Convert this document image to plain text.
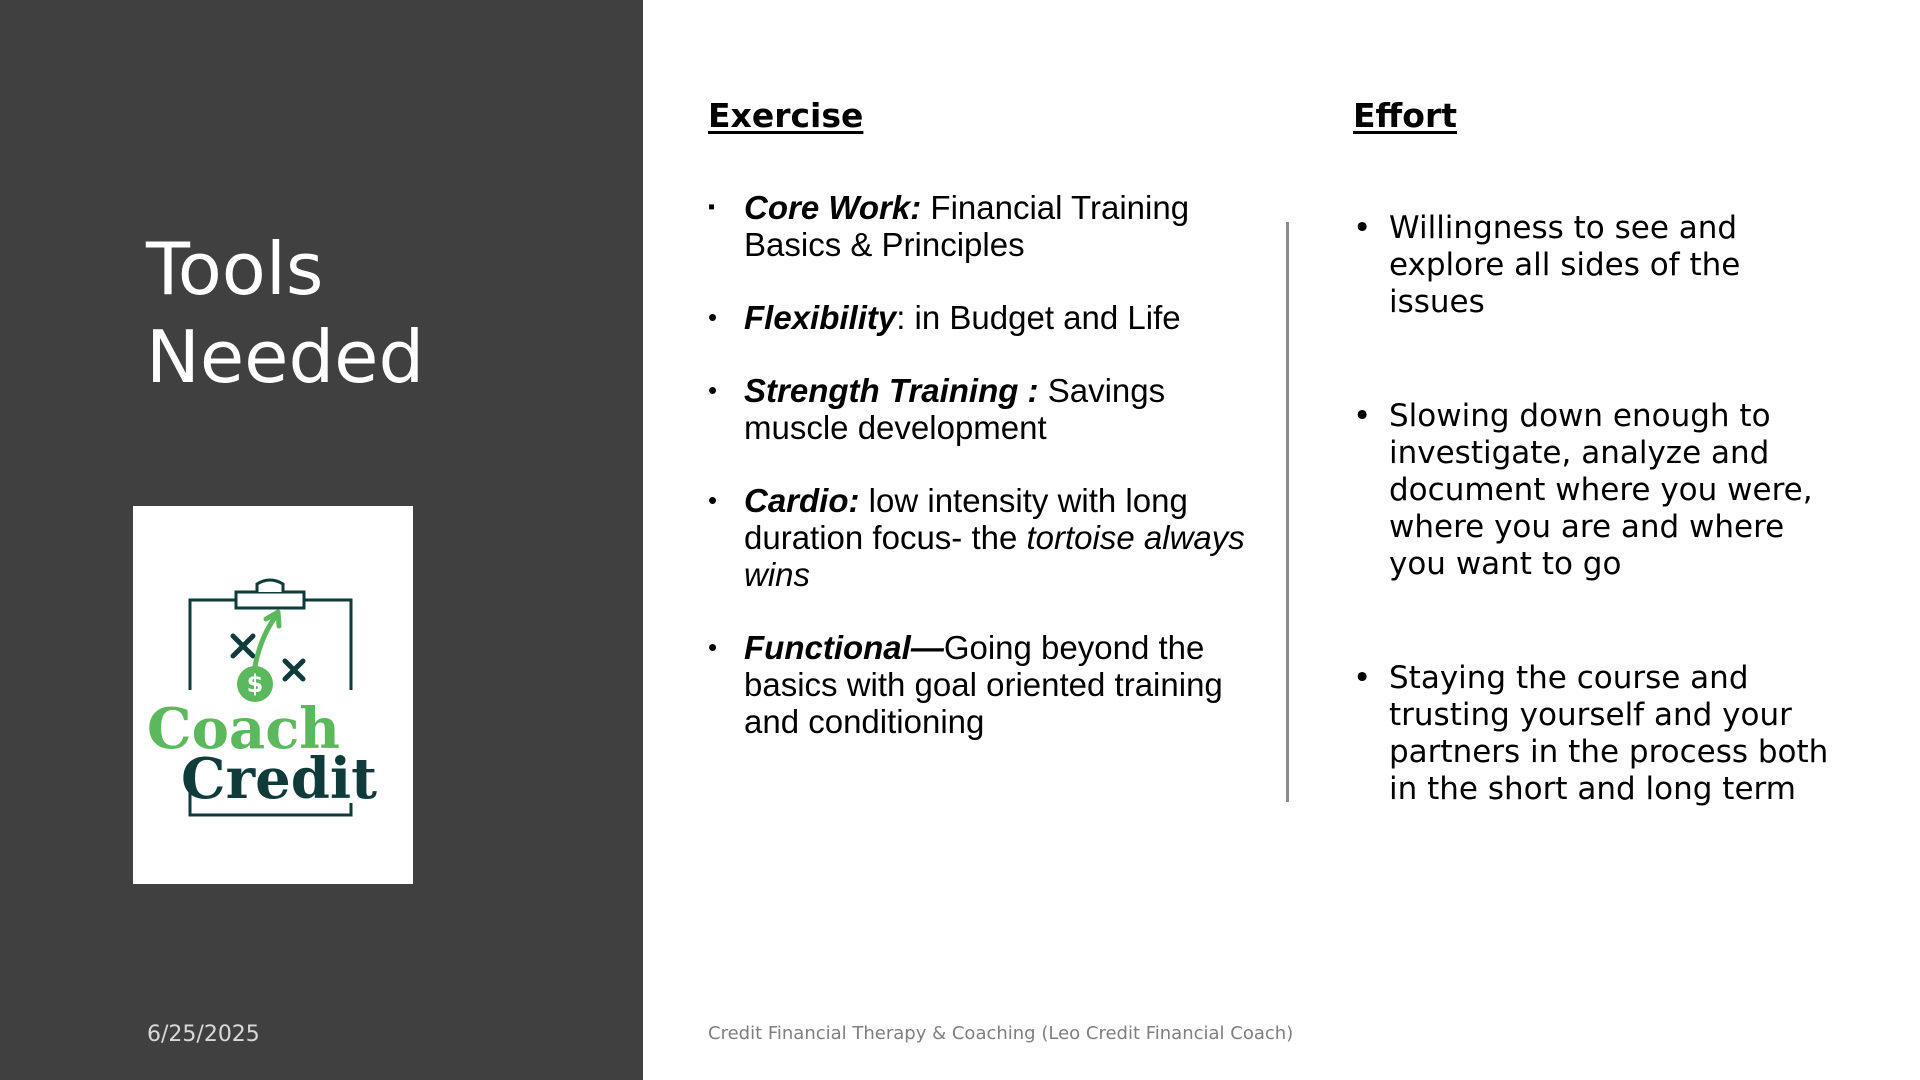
Tools
Needed
$
Coach
Credit
6/25/2025
Exercise	Effort
▪ Core Work: Financial Training Basics & Principles
• Flexibility: in Budget and Life
• Strength Training : Savings muscle development
• Cardio: low intensity with long duration focus- the tortoise always wins
• Functional—Going beyond the basics with goal oriented training and conditioning
• Willingness to see and explore all sides of the issues
• Slowing down enough to investigate, analyze and document where you were, where you are and where you want to go
• Staying the course and trusting yourself and your partners in the process both in the short and long term
Credit Financial Therapy & Coaching (Leo Credit Financial Coach)
